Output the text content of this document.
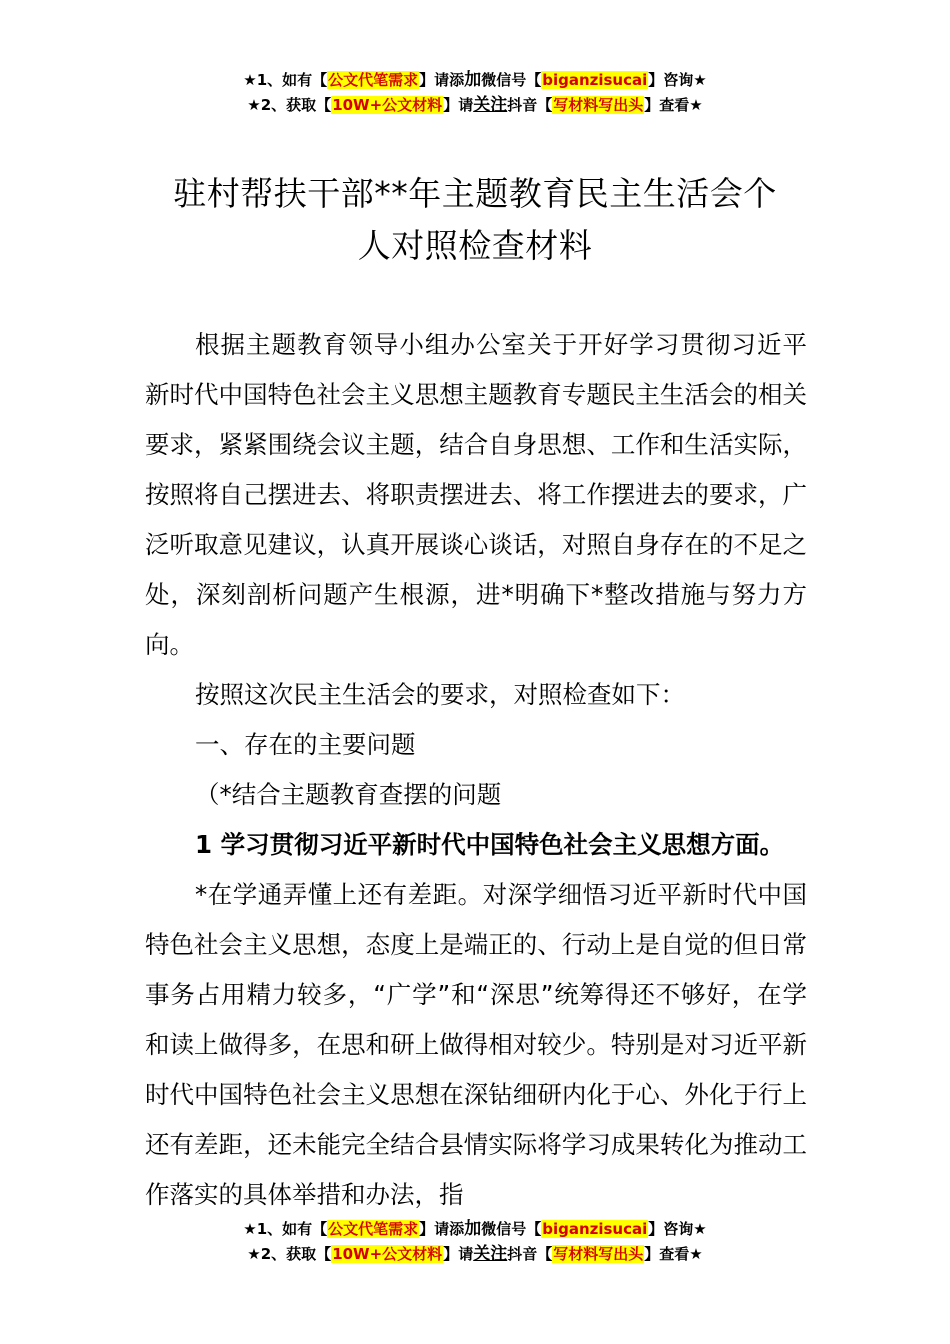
★1、如有【公文代笔需求】请添加微信号【biganzisucai】咨询★
★2、获取【10W+公文材料】请关注抖音【写材料写出头】查看★
驻村帮扶干部**年主题教育民主生活会个
人对照检查材料

根据主题教育领导小组办公室关于开好学习贯彻习近平新时代中国特色社会主义思想主题教育专题民主生活会的相关要求，紧紧围绕会议主题，结合自身思想、工作和生活实际，按照将自己摆进去、将职责摆进去、将工作摆进去的要求，广泛听取意见建议，认真开展谈心谈话，对照自身存在的不足之处，深刻剖析问题产生根源，进*明确下*整改措施与努力方向。

按照这次民主生活会的要求，对照检查如下：

一、存在的主要问题

（*结合主题教育查摆的问题

1 学习贯彻习近平新时代中国特色社会主义思想方面。

*在学通弄懂上还有差距。对深学细悟习近平新时代中国特色社会主义思想，态度上是端正的、行动上是自觉的但日常事务占用精力较多，“广学”和“深思”统筹得还不够好，在学和读上做得多，在思和研上做得相对较少。特别是对习近平新时代中国特色社会主义思想在深钻细研内化于心、外化于行上还有差距，还未能完全结合县情实际将学习成果转化为推动工作落实的具体举措和办法，指

★1、如有【公文代笔需求】请添加微信号【biganzisucai】咨询★
★2、获取【10W+公文材料】请关注抖音【写材料写出头】查看★
